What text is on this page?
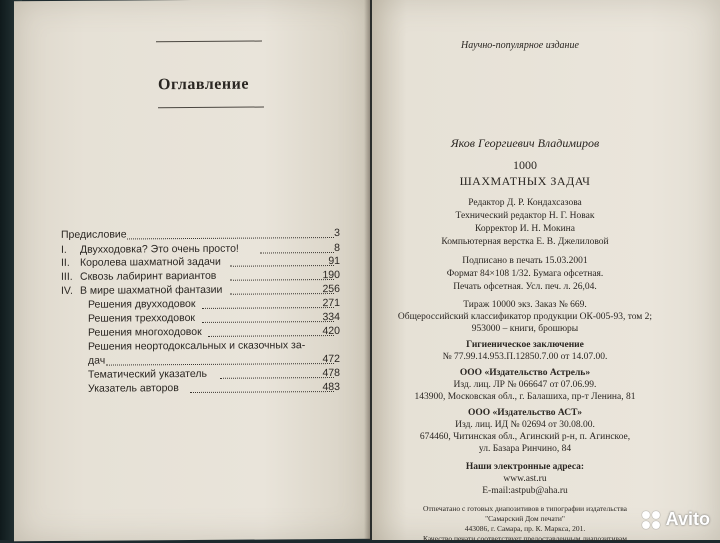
Оглавление
Предисловие	3
I. Двухходовка? Это очень просто!	8
II. Королева шахматной задачи	91
III. Сквозь лабиринт вариантов	190
IV. В мире шахматной фантазии	256
Решения двухходовок	271
Решения трехходовок	334
Решения многоходовок	420
Решения неортодоксальных и сказочных за-
дач	472
Тематический указатель	478
Указатель авторов	483
Научно-популярное издание
Яков Георгиевич Владимиров
1000
ШАХМАТНЫХ ЗАДАЧ
Редактор Д. Р. Кондахсазова
Технический редактор Н. Г. Новак
Корректор И. Н. Мокина
Компьютерная верстка Е. В. Джелиловой
Подписано в печать 15.03.2001
Формат 84×108 1/32. Бумага офсетная.
Печать офсетная. Усл. печ. л. 26,04.
Тираж 10000 экз. Заказ № 669.
Общероссийский классификатор продукции ОК-005-93, том 2;
953000 – книги, брошюры
Гигиеническое заключение
№ 77.99.14.953.П.12850.7.00 от 14.07.00.
ООО «Издательство Астрель»
Изд. лиц. ЛР № 066647 от 07.06.99.
143900, Московская обл., г. Балашиха, пр-т Ленина, 81
ООО «Издательство АСТ»
Изд. лиц. ИД № 02694 от 30.08.00.
674460, Читинская обл., Агинский р-н, п. Агинское,
ул. Базара Ринчино, 84
Наши электронные адреса:
www.ast.ru
E-mail:astpub@aha.ru
Отпечатано с готовых диапозитивов в типографии издательства
"Самарский Дом печати"
443086, г. Самара, пр. К. Маркса, 201.
Качество печати соответствует предоставленным диапозитивам
Avito
